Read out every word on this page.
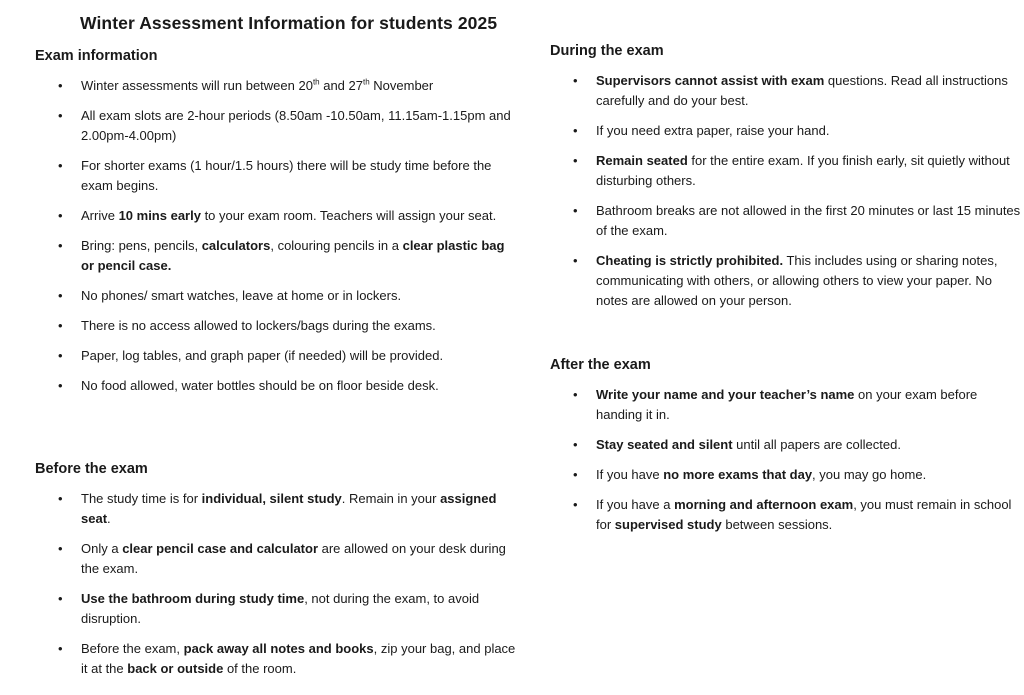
Winter Assessment Information for students 2025
Exam information
• Winter assessments will run between 20th and 27th November
• All exam slots are 2-hour periods (8.50am -10.50am, 11.15am-1.15pm and 2.00pm-4.00pm)
• For shorter exams (1 hour/1.5 hours) there will be study time before the exam begins.
• Arrive 10 mins early to your exam room. Teachers will assign your seat.
• Bring: pens, pencils, calculators, colouring pencils in a clear plastic bag or pencil case.
• No phones/ smart watches, leave at home or in lockers.
• There is no access allowed to lockers/bags during the exams.
• Paper, log tables, and graph paper (if needed) will be provided.
• No food allowed, water bottles should be on floor beside desk.
Before the exam
• The study time is for individual, silent study. Remain in your assigned seat.
• Only a clear pencil case and calculator are allowed on your desk during the exam.
• Use the bathroom during study time, not during the exam, to avoid disruption.
• Before the exam, pack away all notes and books, zip your bag, and place it at the back or outside of the room.
During the exam
• Supervisors cannot assist with exam questions. Read all instructions carefully and do your best.
• If you need extra paper, raise your hand.
• Remain seated for the entire exam. If you finish early, sit quietly without disturbing others.
• Bathroom breaks are not allowed in the first 20 minutes or last 15 minutes of the exam.
• Cheating is strictly prohibited. This includes using or sharing notes, communicating with others, or allowing others to view your paper. No notes are allowed on your person.
After the exam
• Write your name and your teacher’s name on your exam before handing it in.
• Stay seated and silent until all papers are collected.
• If you have no more exams that day, you may go home.
• If you have a morning and afternoon exam, you must remain in school for supervised study between sessions.
